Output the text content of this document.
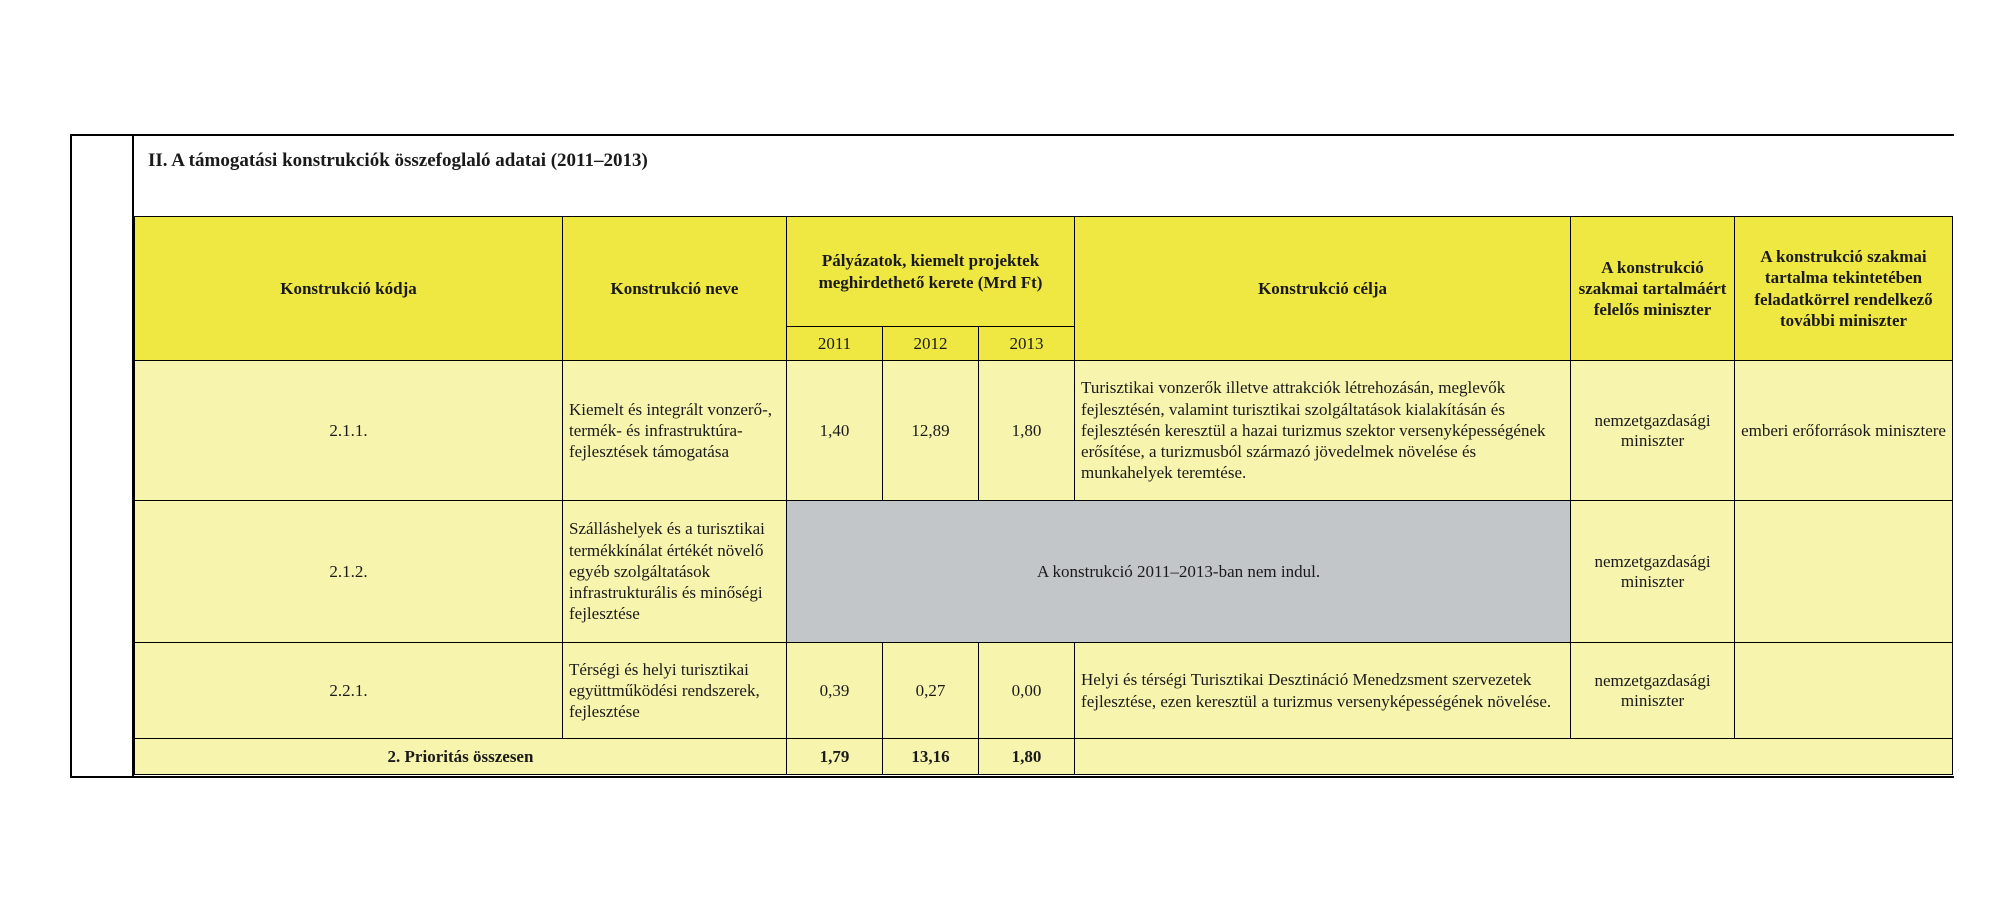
II. A támogatási konstrukciók összefoglaló adatai (2011–2013)
Konstrukció kódja	Konstrukció neve	Pályázatok, kiemelt projektek meghirdethető kerete (Mrd Ft)			Konstrukció célja	A konstrukció szakmai tartalmáért felelős miniszter	A konstrukció szakmai tartalma tekintetében feladatkörrel rendelkező további miniszter
		2011	2012	2013			
2.1.1.	Kiemelt és integrált vonzerő-, termék- és infrastruktúra-fejlesztések támogatása	1,40	12,89	1,80	Turisztikai vonzerők illetve attrakciók létrehozásán, meglevők fejlesztésén, valamint turisztikai szolgáltatások kialakításán és fejlesztésén keresztül a hazai turizmus szektor versenyképességének erősítése, a turizmusból származó jövedelmek növelése és munkahelyek teremtése.	nemzetgazdasági miniszter	emberi erőforrások minisztere
2.1.2.	Szálláshelyek és a turisztikai termékkínálat értékét növelő egyéb szolgáltatások infrastrukturális és minőségi fejlesztése	A konstrukció 2011–2013-ban nem indul.				nemzetgazdasági miniszter	
2.2.1.	Térségi és helyi turisztikai együttműködési rendszerek, fejlesztése	0,39	0,27	0,00	Helyi és térségi Turisztikai Desztináció Menedzsment szervezetek fejlesztése, ezen keresztül a turizmus versenyképességének növelése.	nemzetgazdasági miniszter	
2. Prioritás összesen		1,79	13,16	1,80			
